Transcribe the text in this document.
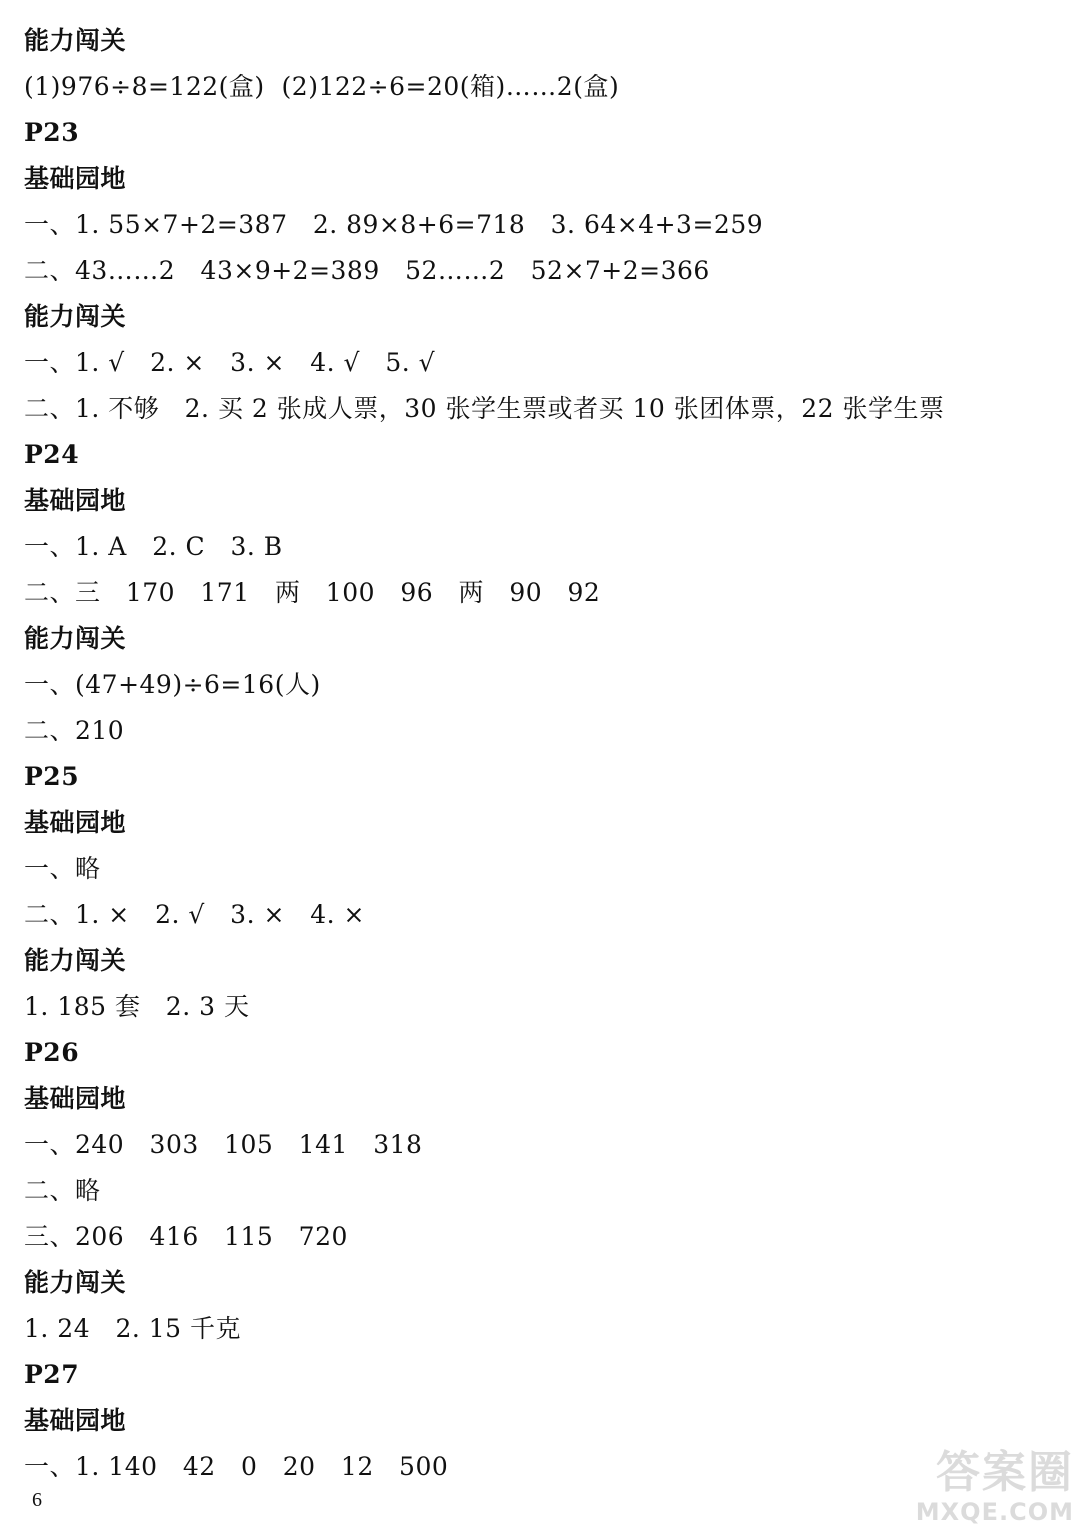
能力闯关
(1)976÷8=122(盒)  (2)122÷6=20(箱)……2(盒)
P23
基础园地
一、1. 55×7+2=387   2. 89×8+6=718   3. 64×4+3=259
二、43……2   43×9+2=389   52……2   52×7+2=366
能力闯关
一、1. √   2. ×   3. ×   4. √   5. √
二、1. 不够   2. 买 2 张成人票，30 张学生票或者买 10 张团体票，22 张学生票
P24
基础园地
一、1. A   2. C   3. B
二、三   170   171   两   100   96   两   90   92
能力闯关
一、(47+49)÷6=16(人)
二、210
P25
基础园地
一、略
二、1. ×   2. √   3. ×   4. ×
能力闯关
1. 185 套   2. 3 天
P26
基础园地
一、240   303   105   141   318
二、略
三、206   416   115   720
能力闯关
1. 24   2. 15 千克
P27
基础园地
一、1. 140   42   0   20   12   500
6
答案圈
MXQE.COM
